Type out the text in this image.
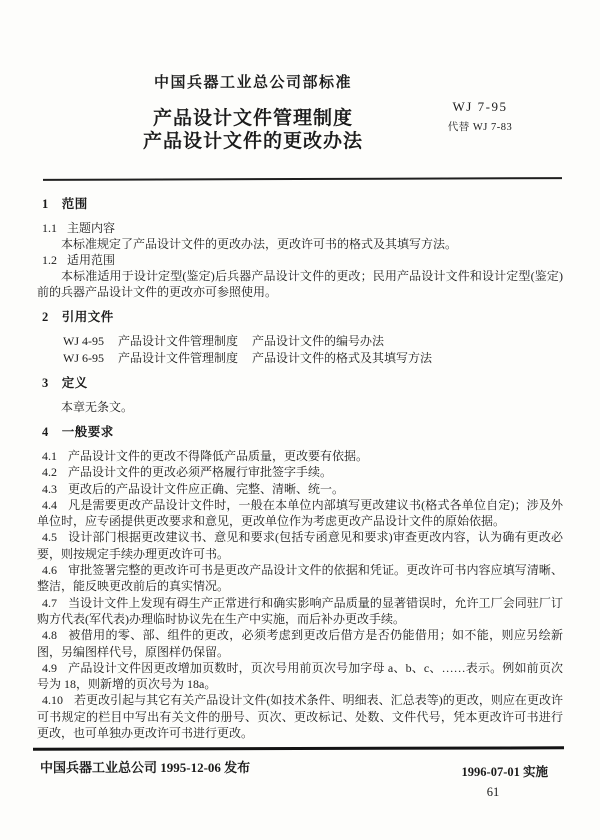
中国兵器工业总公司部标准
产品设计文件管理制度
产品设计文件的更改办法
WJ 7-95
代替 WJ 7-83
1 范围
1.1 主题内容

本标准规定了产品设计文件的更改办法，更改许可书的格式及其填写方法。

1.2 适用范围

本标准适用于设计定型(鉴定)后兵器产品设计文件的更改；民用产品设计文件和设计定型(鉴定)前的兵器产品设计文件的更改亦可参照使用。

2 引用文件

WJ 4-95 产品设计文件管理制度 产品设计文件的编号办法

WJ 6-95 产品设计文件管理制度 产品设计文件的格式及其填写方法

3 定义

本章无条文。

4 一般要求

4.1 产品设计文件的更改不得降低产品质量，更改要有依据。

4.2 产品设计文件的更改必须严格履行审批签字手续。

4.3 更改后的产品设计文件应正确、完整、清晰、统一。

4.4 凡是需要更改产品设计文件时，一般在本单位内部填写更改建议书(格式各单位自定)；涉及外单位时，应专函提供更改要求和意见，更改单位作为考虑更改产品设计文件的原始依据。

4.5 设计部门根据更改建议书、意见和要求(包括专函意见和要求)审查更改内容，认为确有更改必要，则按规定手续办理更改许可书。

4.6 审批签署完整的更改许可书是更改产品设计文件的依据和凭证。更改许可书内容应填写清晰、整洁，能反映更改前后的真实情况。

4.7 当设计文件上发现有碍生产正常进行和确实影响产品质量的显著错误时，允许工厂会同驻厂订购方代表(军代表)办理临时协议先在生产中实施，而后补办更改手续。

4.8 被借用的零、部、组件的更改，必须考虑到更改后借方是否仍能借用；如不能，则应另绘新图，另编图样代号，原图样仍保留。

4.9 产品设计文件因更改增加页数时，页次号用前页次号加字母 a、b、c、……表示。例如前页次号为 18，则新增的页次号为 18a。

4.10 若更改引起与其它有关产品设计文件(如技术条件、明细表、汇总表等)的更改，则应在更改许可书规定的栏目中写出有关文件的册号、页次、更改标记、处数、文件代号，凭本更改许可书进行更改，也可单独办更改许可书进行更改。

中国兵器工业总公司 1995-12-06 发布	1996-07-01 实施
61
